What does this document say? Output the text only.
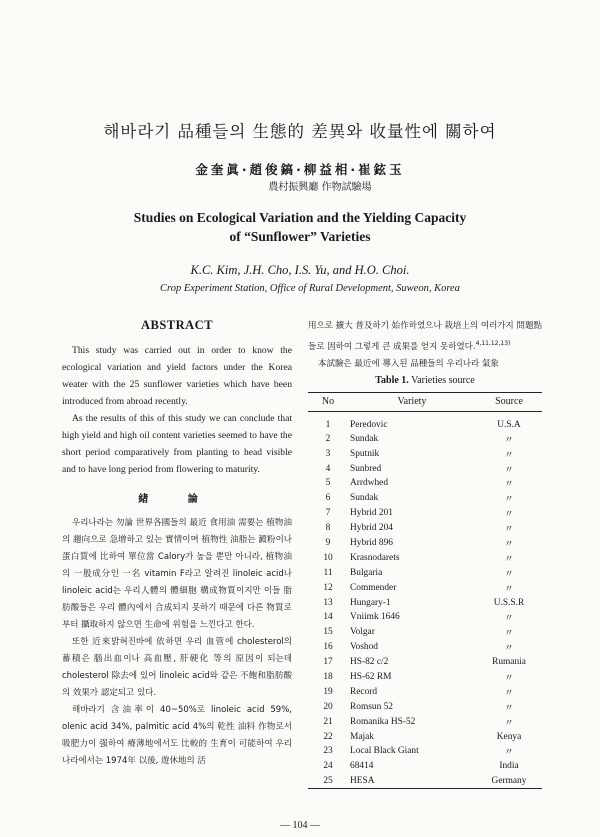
해바라기 品種들의 生態的 差異와 收量性에 關하여
金奎眞·趙俊鎬·柳益相·崔鉉玉
農村振興廳 作物試驗場
Studies on Ecological Variation and the Yielding Capacity
of “Sunflower” Varieties
K.C. Kim, J.H. Cho, I.S. Yu, and H.O. Choi.
Crop Experiment Station, Office of Rural Development, Suweon, Korea
ABSTRACT

This study was carried out in order to know the ecological variation and yield factors under the Korea weater with the 25 sunflower varieties which have been introduced from abroad recently.

As the results of this of this study we can conclude that high yield and high oil content varieties seemed to have the short period comparatively from planting to head visible and to have long period from flowering to maturity.

緖 論

우리나라는 勿論 世界各國들의 最近 食用油 需要는 植物油의 趨向으로 急增하고 있는 實情이며 植物性 油脂는 澱粉이나 蛋白質에 比하여 單位當 Calory가 높을 뿐만 아니라, 植物油의 一般成分인 一名 vitamin F라고 알려진 linoleic acid나 linoleic acid는 우리人體의 體細胞 構成物質이지만 이들 脂肪酸들은 우리 體內에서 合成되지 못하기 때문에 다른 物質로부터 攝取하지 않으면 生命에 위험을 느낀다고 한다.

또한 近來밝혀진바에 依하면 우리 血管에 cholesterol의 蓄積은 腦出血이나 高血壓, 肝硬化 等의 原因이 되는데 cholesterol 除去에 있어 linoleic acid와 같은 不飽和脂肪酸의 效果가 認定되고 있다.

해바라기 含油率이 40~50%로 linoleic acid 59%, olenic acid 34%, palmitic acid 4%의 乾性 油料 作物로서 吸肥力이 强하여 瘠薄地에서도 比較的 生育이 可能하여 우리나라에서는 1974年 以後, 遊休地의 活

用으로 擴大 普及하기 始作하였으나 栽培上의 여러가지 問題點들로 因하여 그렇게 큰 成果를 얻지 못하였다.$^{4,11,12,13)}$

本試驗은 最近에 導入된 品種들의 우리나라 氣象

Table 1. Varieties source
No	Variety	Source
1	Peredovic	U.S.A
2	Sundak	〃
3	Sputnik	〃
4	Sunbred	〃
5	Arrdwhed	〃
6	Sundak	〃
7	Hybrid 201	〃
8	Hybrid 204	〃
9	Hybrid 896	〃
10	Krasnodarets	〃
11	Bulgaria	〃
12	Commender	〃
13	Hungary-1	U.S.S.R
14	Vniimk 1646	〃
15	Volgar	〃
16	Voshod	〃
17	HS-82 c/2	Rumania
18	HS-62 RM	〃
19	Record	〃
20	Romsun 52	〃
21	Romanika HS-52	〃
22	Majak	Kenya
23	Local Black Giant	〃
24	68414	India
25	HESA	Germany
— 104 —
